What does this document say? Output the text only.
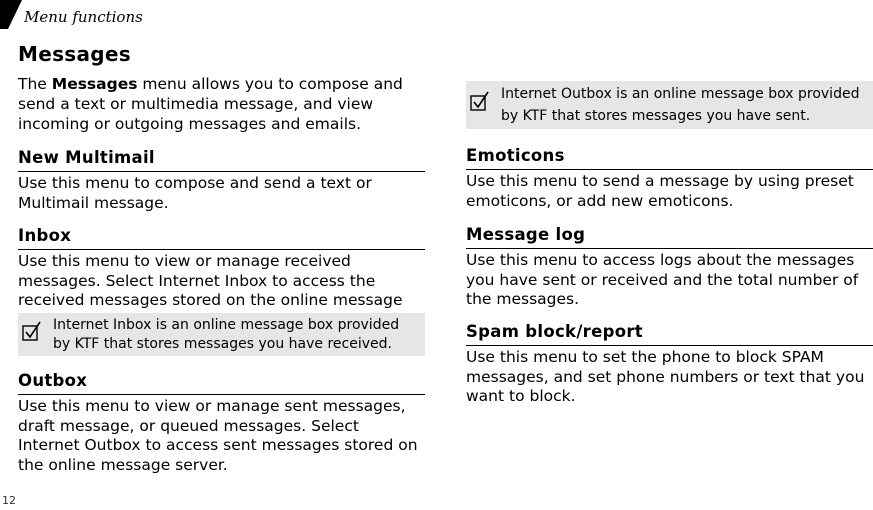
Menu functions
Messages
The Messages menu allows you to compose and send a text or multimedia message, and view incoming or outgoing messages and emails.
New Multimail

Use this menu to compose and send a text or Multimail message.

Inbox

Use this menu to view or manage received messages. Select Internet Inbox to access the received messages stored on the online message

Internet Inbox is an online message box provided by KTF that stores messages you have received.
Outbox

Use this menu to view or manage sent messages, draft message, or queued messages. Select Internet Outbox to access sent messages stored on the online message server.

Internet Outbox is an online message box provided by KTF that stores messages you have sent.
Emoticons

Use this menu to send a message by using preset emoticons, or add new emoticons.

Message log

Use this menu to access logs about the messages you have sent or received and the total number of the messages.

Spam block/report

Use this menu to set the phone to block SPAM messages, and set phone numbers or text that you want to block.

12
